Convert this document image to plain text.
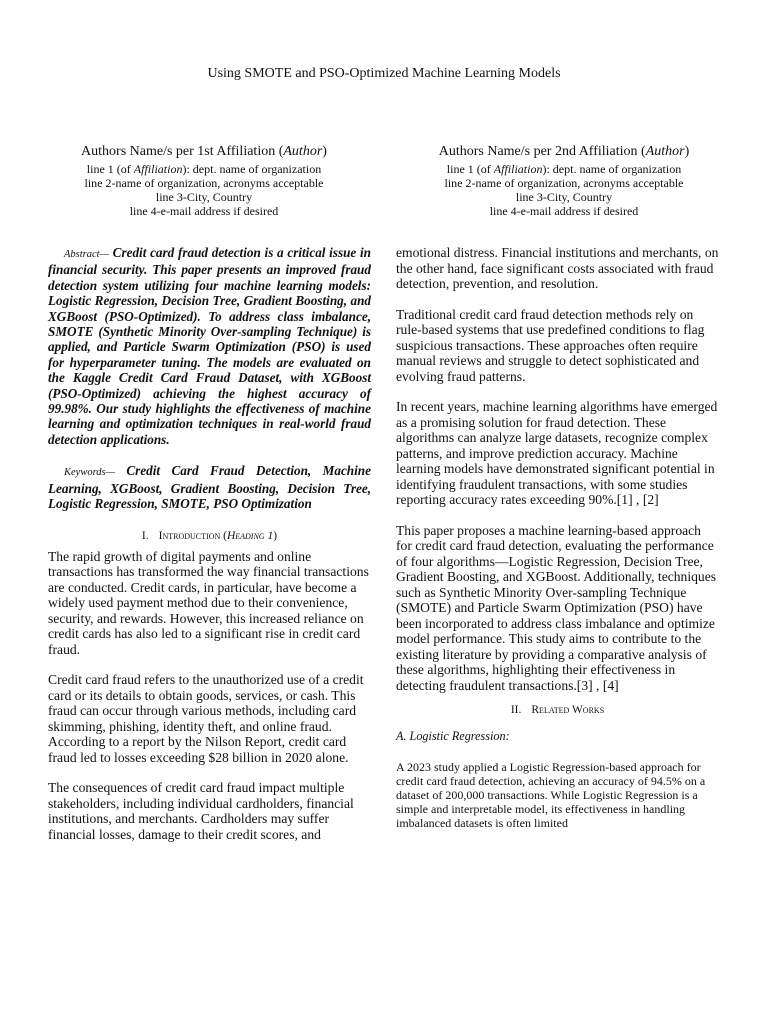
Using SMOTE and PSO-Optimized Machine Learning Models
Authors Name/s per 1st Affiliation (Author)
line 1 (of Affiliation): dept. name of organization
line 2-name of organization, acronyms acceptable
line 3-City, Country
line 4-e-mail address if desired
Authors Name/s per 2nd Affiliation (Author)
line 1 (of Affiliation): dept. name of organization
line 2-name of organization, acronyms acceptable
line 3-City, Country
line 4-e-mail address if desired

Abstract— Credit card fraud detection is a critical issue in financial security. This paper presents an improved fraud detection system utilizing four machine learning models: Logistic Regression, Decision Tree, Gradient Boosting, and XGBoost (PSO-Optimized). To address class imbalance, SMOTE (Synthetic Minority Over-sampling Technique) is applied, and Particle Swarm Optimization (PSO) is used for hyperparameter tuning. The models are evaluated on the Kaggle Credit Card Fraud Dataset, with XGBoost (PSO-Optimized) achieving the highest accuracy of 99.98%. Our study highlights the effectiveness of machine learning and optimization techniques in real-world fraud detection applications.

Keywords— Credit Card Fraud Detection, Machine Learning, XGBoost, Gradient Boosting, Decision Tree, Logistic Regression, SMOTE, PSO Optimization

I. Introduction (Heading 1)

The rapid growth of digital payments and online transactions has transformed the way financial transactions are conducted. Credit cards, in particular, have become a widely used payment method due to their convenience, security, and rewards. However, this increased reliance on credit cards has also led to a significant rise in credit card fraud.

Credit card fraud refers to the unauthorized use of a credit card or its details to obtain goods, services, or cash. This fraud can occur through various methods, including card skimming, phishing, identity theft, and online fraud. According to a report by the Nilson Report, credit card fraud led to losses exceeding $28 billion in 2020 alone.

The consequences of credit card fraud impact multiple stakeholders, including individual cardholders, financial institutions, and merchants. Cardholders may suffer financial losses, damage to their credit scores, and

emotional distress. Financial institutions and merchants, on the other hand, face significant costs associated with fraud detection, prevention, and resolution.

Traditional credit card fraud detection methods rely on rule-based systems that use predefined conditions to flag suspicious transactions. These approaches often require manual reviews and struggle to detect sophisticated and evolving fraud patterns.

In recent years, machine learning algorithms have emerged as a promising solution for fraud detection. These algorithms can analyze large datasets, recognize complex patterns, and improve prediction accuracy. Machine learning models have demonstrated significant potential in identifying fraudulent transactions, with some studies reporting accuracy rates exceeding 90%.[1] , [2]

This paper proposes a machine learning-based approach for credit card fraud detection, evaluating the performance of four algorithms—Logistic Regression, Decision Tree, Gradient Boosting, and XGBoost. Additionally, techniques such as Synthetic Minority Over-sampling Technique (SMOTE) and Particle Swarm Optimization (PSO) have been incorporated to address class imbalance and optimize model performance. This study aims to contribute to the existing literature by providing a comparative analysis of these algorithms, highlighting their effectiveness in detecting fraudulent transactions.[3] , [4]

II. Related Works

A. Logistic Regression:

A 2023 study applied a Logistic Regression-based approach for credit card fraud detection, achieving an accuracy of 94.5% on a dataset of 200,000 transactions. While Logistic Regression is a simple and interpretable model, its effectiveness in handling imbalanced datasets is often limited
